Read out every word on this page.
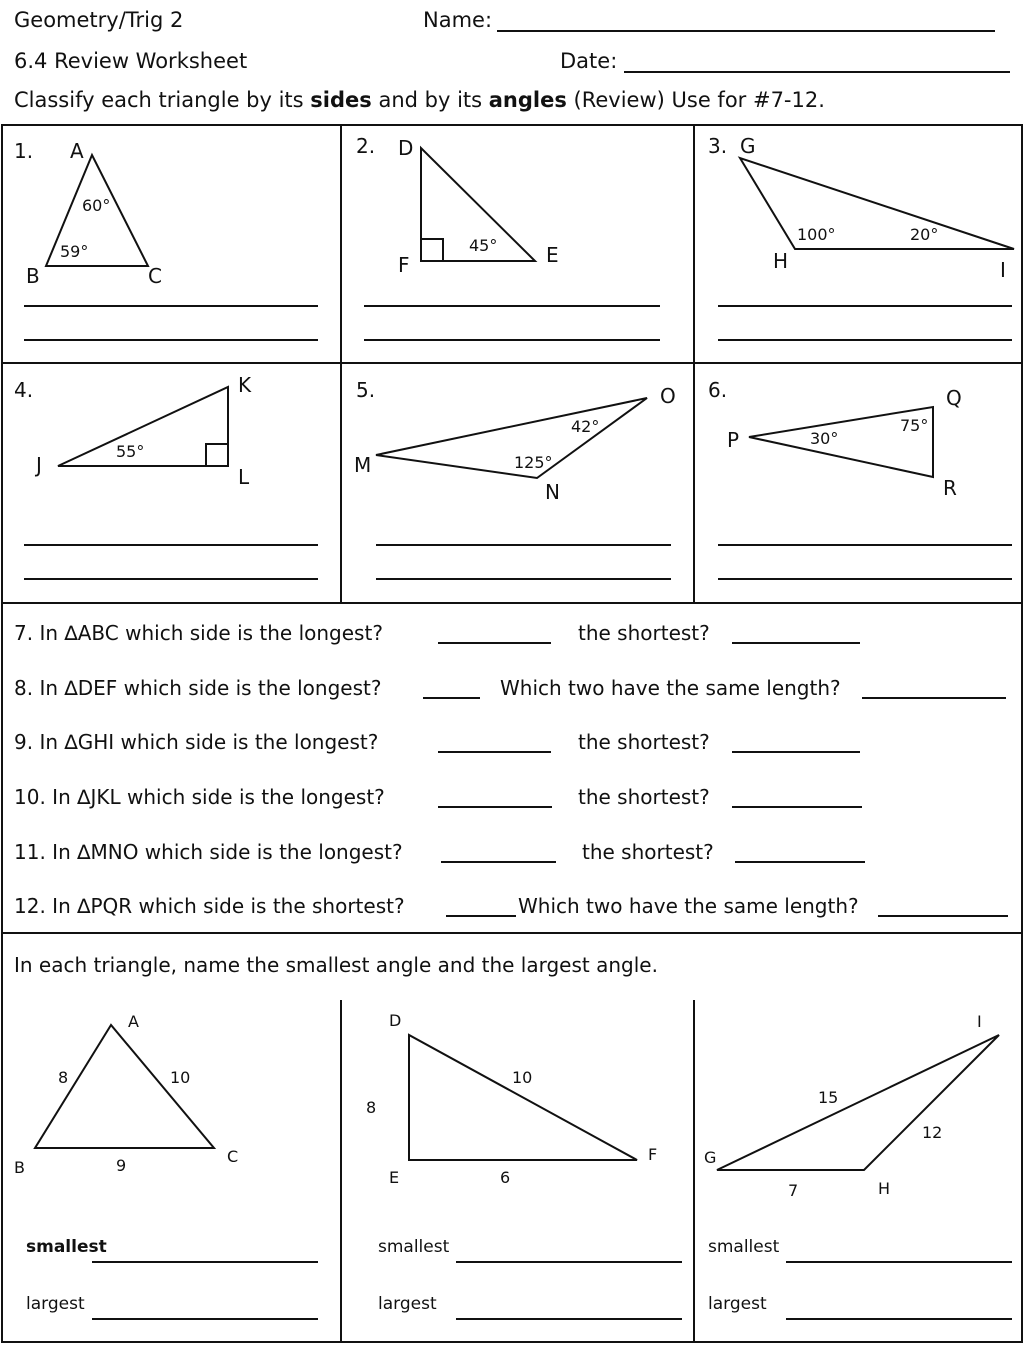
Geometry/Trig 2	Name:
6.4 Review Worksheet	Date:
Classify each triangle by its sides and by its angles (Review) Use for #7-12.
1. A
B	C
60°
59°
2. D
F	E
45°
3. G
H	I
100°	20°
4.	K
J	L
55°
5.	O
M
N
42°
125°
6.	Q
P
R
75°
30°
7. In ∆ABC which side is the longest?	the shortest?
8. In ∆DEF which side is the longest?	Which two have the same length?
9. In ∆GHI which side is the longest?	the shortest?
10. In ∆JKL which side is the longest?	the shortest?
11. In ∆MNO which side is the longest?	the shortest?
12. In ∆PQR which side is the shortest?	Which two have the same length?
In each triangle, name the smallest angle and the largest angle.
A
B
C
8	10
9
D
E
F
8
10
6
I
G
H
15
12
7
smallest
largest
smallest
largest
smallest
largest
